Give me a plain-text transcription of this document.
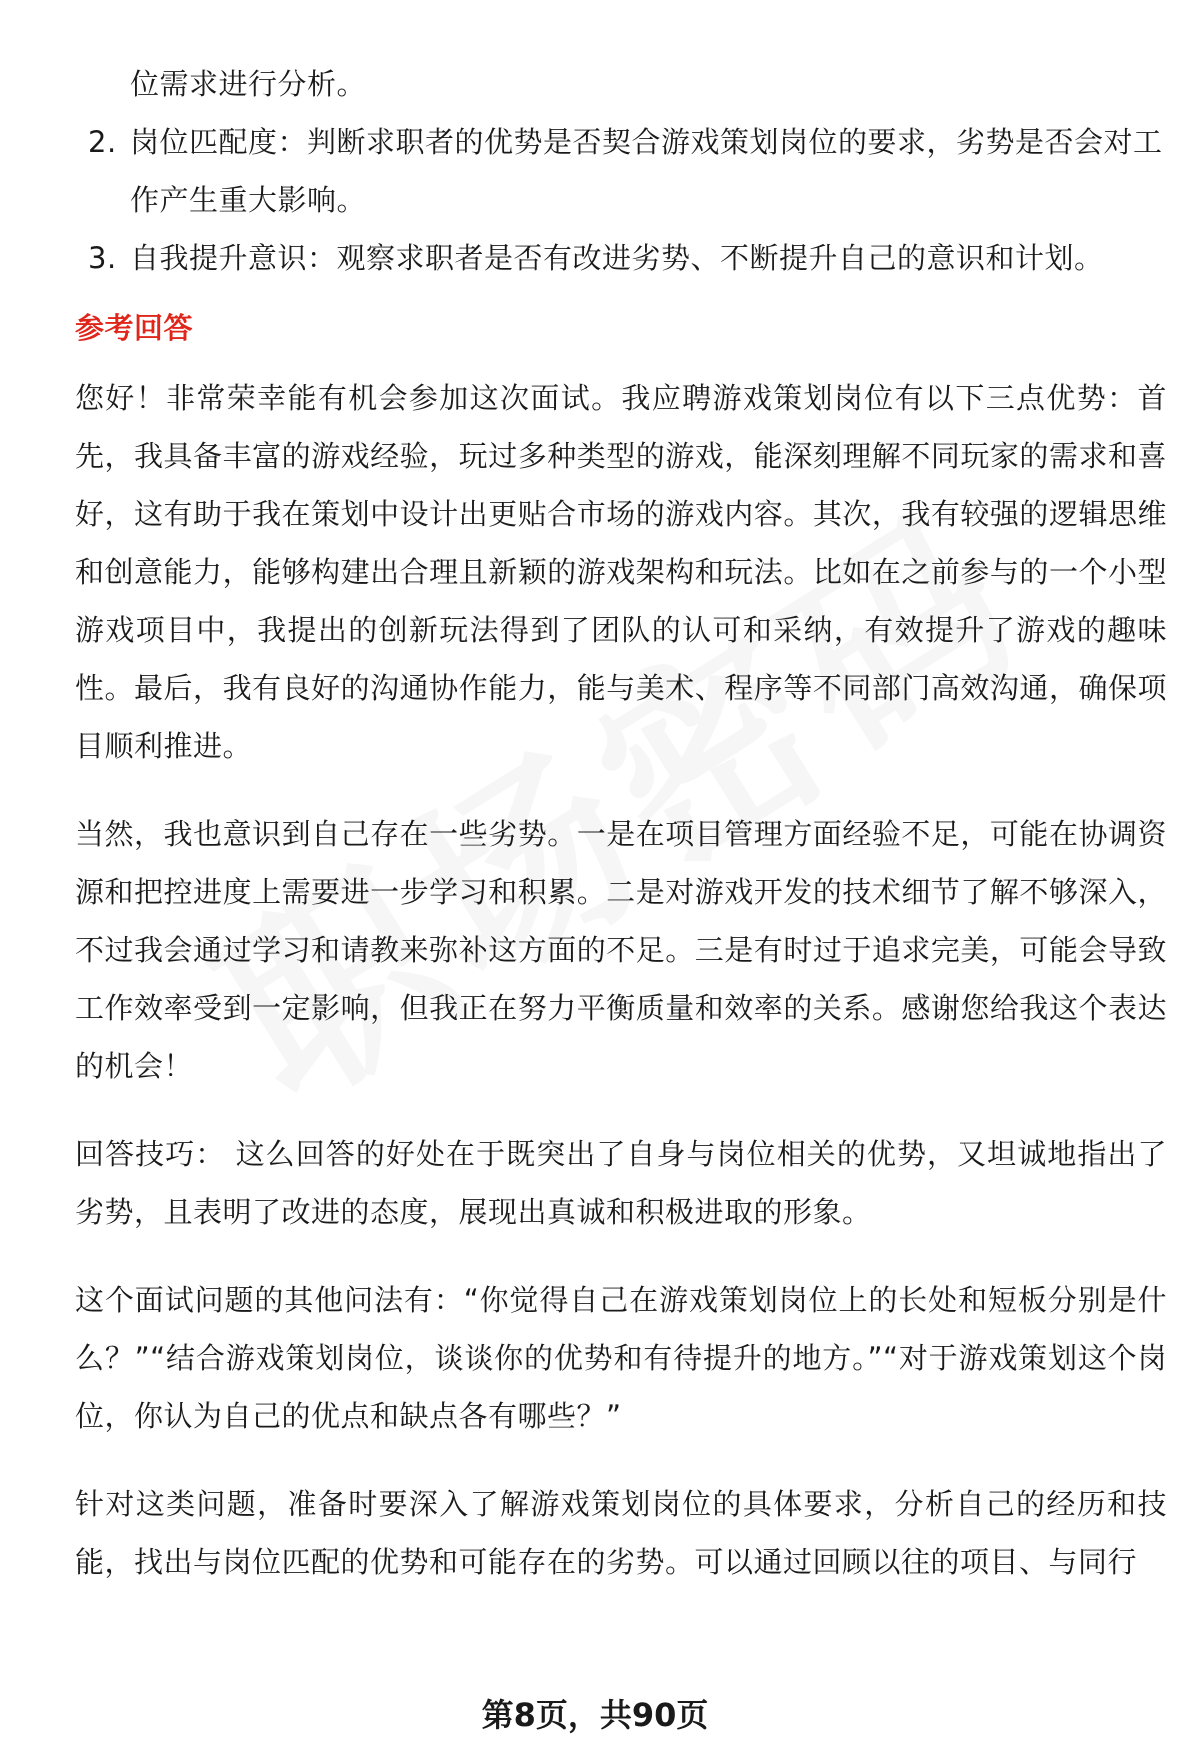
位需求进行分析。
2. 岗位匹配度：判断求职者的优势是否契合游戏策划岗位的要求，劣势是否会对工作产生重大影响。
3. 自我提升意识：观察求职者是否有改进劣势、不断提升自己的意识和计划。
参考回答

您好！非常荣幸能有机会参加这次面试。我应聘游戏策划岗位有以下三点优势：首先，我具备丰富的游戏经验，玩过多种类型的游戏，能深刻理解不同玩家的需求和喜好，这有助于我在策划中设计出更贴合市场的游戏内容。其次，我有较强的逻辑思维和创意能力，能够构建出合理且新颖的游戏架构和玩法。比如在之前参与的一个小型游戏项目中，我提出的创新玩法得到了团队的认可和采纳，有效提升了游戏的趣味性。最后，我有良好的沟通协作能力，能与美术、程序等不同部门高效沟通，确保项目顺利推进。

当然，我也意识到自己存在一些劣势。一是在项目管理方面经验不足，可能在协调资源和把控进度上需要进一步学习和积累。二是对游戏开发的技术细节了解不够深入，不过我会通过学习和请教来弥补这方面的不足。三是有时过于追求完美，可能会导致工作效率受到一定影响，但我正在努力平衡质量和效率的关系。感谢您给我这个表达的机会！

回答技巧： 这么回答的好处在于既突出了自身与岗位相关的优势，又坦诚地指出了劣势，且表明了改进的态度，展现出真诚和积极进取的形象。

这个面试问题的其他问法有：“你觉得自己在游戏策划岗位上的长处和短板分别是什么？”“结合游戏策划岗位，谈谈你的优势和有待提升的地方。”“对于游戏策划这个岗位，你认为自己的优点和缺点各有哪些？”

针对这类问题，准备时要深入了解游戏策划岗位的具体要求，分析自己的经历和技能，找出与岗位匹配的优势和可能存在的劣势。可以通过回顾以往的项目、与同行

第8页，共90页
